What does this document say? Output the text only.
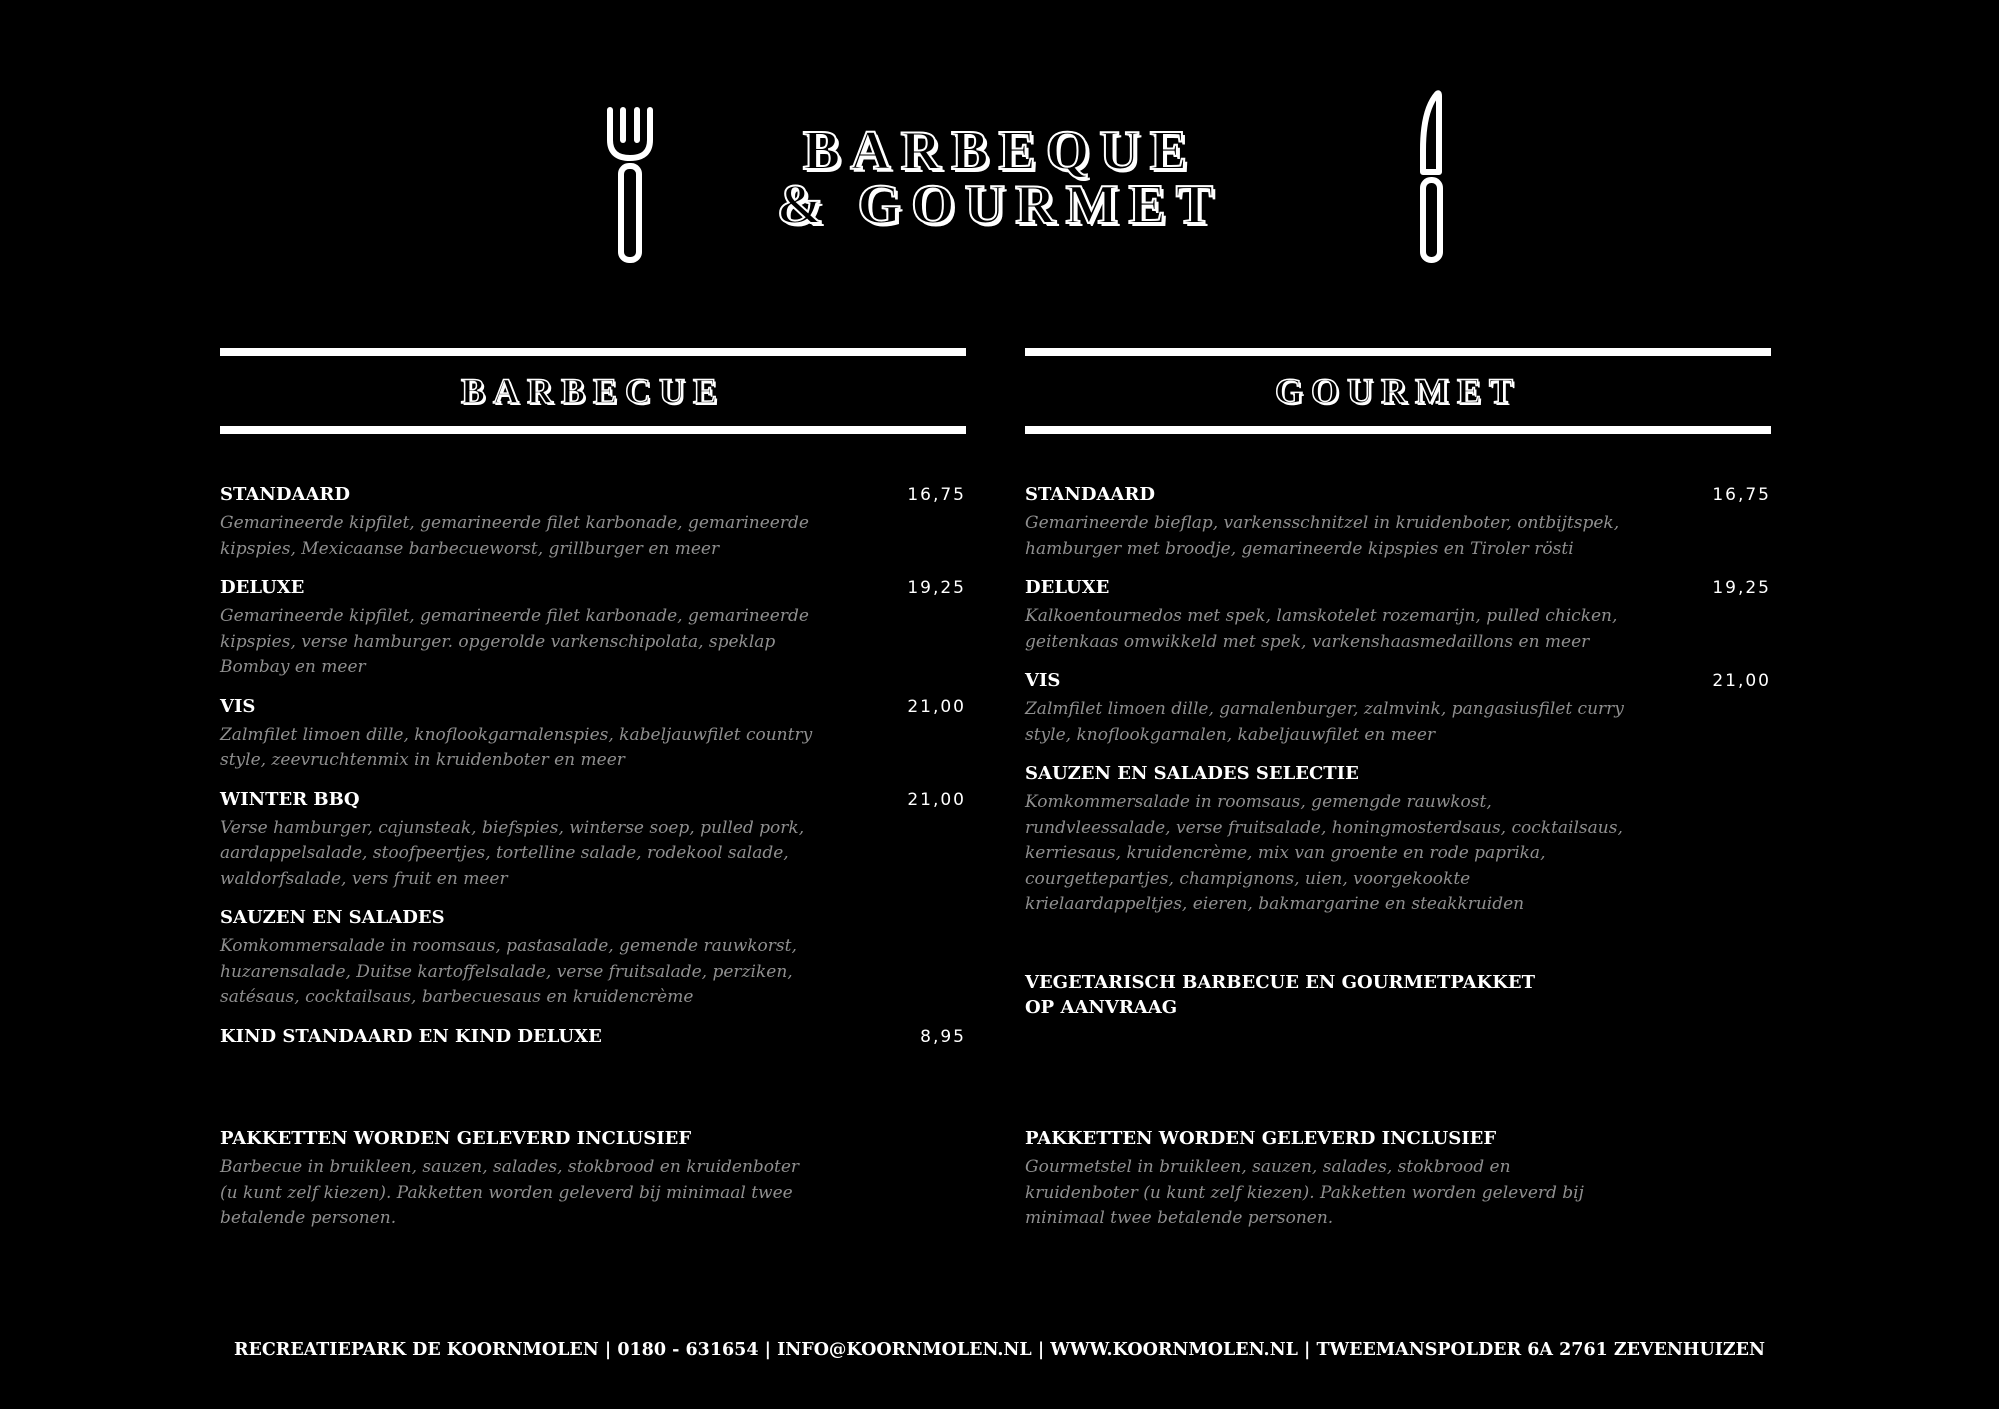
BARBEQUE
& GOURMET
BARBECUE
STANDAARD	16,75
Gemarineerde kipfilet, gemarineerde filet karbonade, gemarineerde kipspies, Mexicaanse barbecueworst, grillburger en meer
DELUXE	19,25
Gemarineerde kipfilet, gemarineerde filet karbonade, gemarineerde kipspies, verse hamburger. opgerolde varkenschipolata, speklap Bombay en meer
VIS	21,00
Zalmfilet limoen dille, knoflookgarnalenspies, kabeljauwfilet country style, zeevruchtenmix in kruidenboter en meer
WINTER BBQ	21,00
Verse hamburger, cajunsteak, biefspies, winterse soep, pulled pork, aardappelsalade, stoofpeertjes, tortelline salade, rodekool salade, waldorfsalade, vers fruit en meer
SAUZEN EN SALADES
Komkommersalade in roomsaus, pastasalade, gemende rauwkorst, huzarensalade, Duitse kartoffelsalade, verse fruitsalade, perziken, satésaus, cocktailsaus, barbecuesaus en kruidencrème
KIND STANDAARD EN KIND DELUXE	8,95
GOURMET
STANDAARD	16,75
Gemarineerde bieflap, varkensschnitzel in kruidenboter, ontbijtspek, hamburger met broodje, gemarineerde kipspies en Tiroler rösti
DELUXE	19,25
Kalkoentournedos met spek, lamskotelet rozemarijn, pulled chicken, geitenkaas omwikkeld met spek, varkenshaasmedaillons en meer
VIS	21,00
Zalmfilet limoen dille, garnalenburger, zalmvink, pangasiusfilet curry style, knoflookgarnalen, kabeljauwfilet en meer
SAUZEN EN SALADES SELECTIE
Komkommersalade in roomsaus, gemengde rauwkost, rundvleessalade, verse fruitsalade, honingmosterdsaus, cocktailsaus, kerriesaus, kruidencrème, mix van groente en rode paprika, courgettepartjes, champignons, uien, voorgekookte krielaardappeltjes, eieren, bakmargarine en steakkruiden
VEGETARISCH BARBECUE EN GOURMETPAKKET OP AANVRAAG
PAKKETTEN WORDEN GELEVERD INCLUSIEF
Barbecue in bruikleen, sauzen, salades, stokbrood en kruidenboter (u kunt zelf kiezen). Pakketten worden geleverd bij minimaal twee betalende personen.
PAKKETTEN WORDEN GELEVERD INCLUSIEF
Gourmetstel in bruikleen, sauzen, salades, stokbrood en kruidenboter (u kunt zelf kiezen). Pakketten worden geleverd bij minimaal twee betalende personen.
RECREATIEPARK DE KOORNMOLEN | 0180 - 631654 | INFO@KOORNMOLEN.NL | WWW.KOORNMOLEN.NL | TWEEMANSPOLDER 6A 2761 ZEVENHUIZEN
